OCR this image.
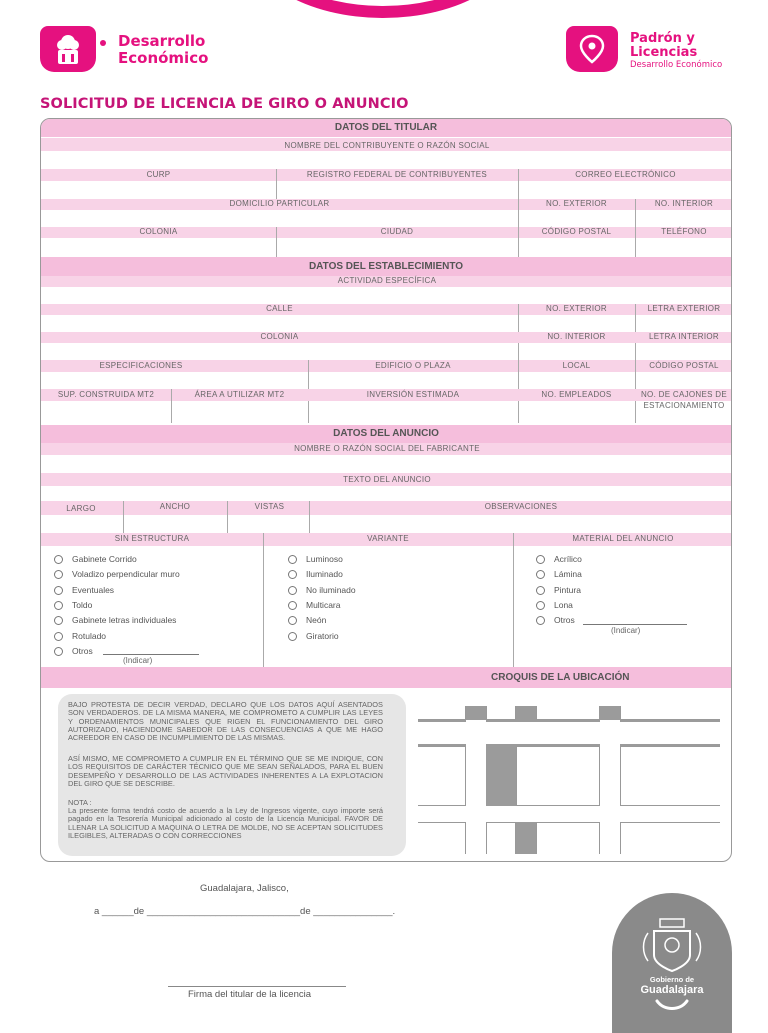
Desarrollo
Económico
Padrón y
Licencias
Desarrollo Económico
SOLICITUD DE LICENCIA DE GIRO O ANUNCIO
DATOS DEL TITULAR
NOMBRE DEL CONTRIBUYENTE O RAZÓN SOCIAL
CURP	REGISTRO FEDERAL DE CONTRIBUYENTES	CORREO ELECTRÓNICO
DOMICILIO PARTICULAR	NO. EXTERIOR	NO. INTERIOR
COLONIA	CIUDAD	CÓDIGO POSTAL	TELÉFONO
DATOS DEL ESTABLECIMIENTO
ACTIVIDAD ESPECÍFICA
CALLE	NO. EXTERIOR	LETRA EXTERIOR
COLONIA	NO. INTERIOR	LETRA INTERIOR
ESPECIFICACIONES	EDIFICIO O PLAZA	LOCAL	CÓDIGO POSTAL
SUP. CONSTRUIDA MT2	ÁREA A UTILIZAR MT2	INVERSIÓN ESTIMADA	NO. EMPLEADOS	NO. DE CAJONES DE
ESTACIONAMIENTO
DATOS DEL ANUNCIO
NOMBRE O RAZÓN SOCIAL DEL FABRICANTE
TEXTO DEL ANUNCIO
LARGO	ANCHO	VISTAS	OBSERVACIONES
SIN ESTRUCTURA	VARIANTE	MATERIAL DEL ANUNCIO
Gabinete Corrido
Voladizo perpendicular muro
Eventuales
Toldo
Gabinete letras individuales
Rotulado
Otros
Luminoso
Iluminado
No iluminado
Multicara
Neón
Giratorio
Acrílico
Lámina
Pintura
Lona
Otros
(Indicar)
(Indicar)
CROQUIS DE LA UBICACIÓN
BAJO PROTESTA DE DECIR VERDAD, DECLARO QUE LOS DATOS AQUÍ ASENTADOS SON VERDADEROS. DE LA MISMA MANERA, ME COMPROMETO A CUMPLIR LAS LEYES Y ORDENAMIENTOS MUNICIPALES QUE RIGEN EL FUNCIONAMIENTO DEL GIRO AUTORIZADO, HACIENDOME SABEDOR DE LAS CONSECUENCIAS A QUE ME HAGO ACREEDOR EN CASO DE INCUMPLIMIENTO DE LAS MISMAS.
ASÍ MISMO, ME COMPROMETO A CUMPLIR EN EL TÉRMINO QUE SE ME INDIQUE, CON LOS REQUISITOS DE CARÁCTER TÉCNICO QUE ME SEAN SEÑALADOS, PARA EL BUEN DESEMPEÑO Y DESARROLLO DE LAS ACTIVIDADES INHERENTES A LA EXPLOTACION DEL GIRO QUE SE DESCRIBE.
NOTA :
La presente forma tendrá costo de acuerdo a la Ley de Ingresos vigente, cuyo importe será pagado en la Tesorería Municipal adicionado al costo de la Licencia Municipal. FAVOR DE LLENAR LA SOLICITUD A MAQUINA O LETRA DE MOLDE, NO SE ACEPTAN SOLICITUDES ILEGIBLES, ALTERADAS O CON CORRECCIONES
Guadalajara, Jalisco,
a ______de _____________________________de _______________.
Firma del titular de la licencia
Gobierno de
Guadalajara
